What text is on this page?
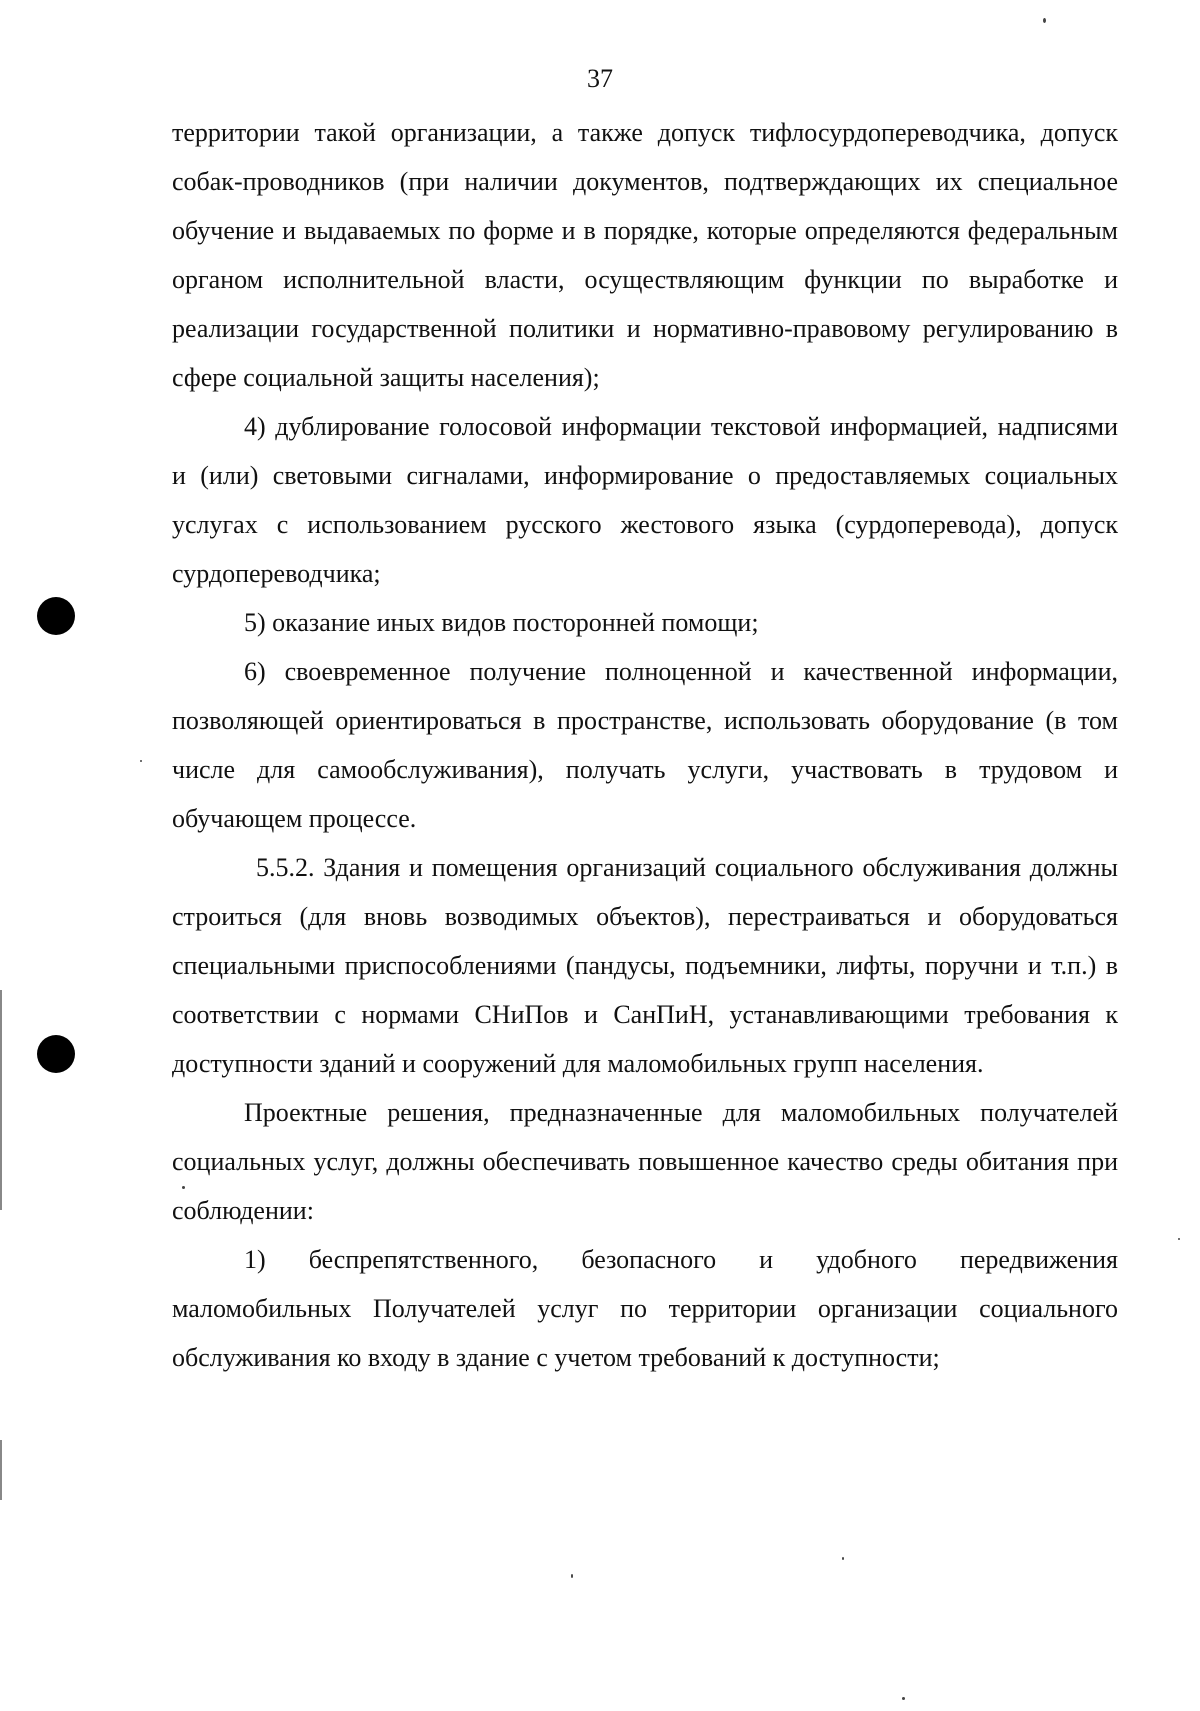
37

территории такой организации, а также допуск тифлосурдопереводчика, допуск собак-проводников (при наличии документов, подтверждающих их специальное обучение и выдаваемых по форме и в порядке, которые определяются федеральным органом исполнительной власти, осуществляющим функции по выработке и реализации государственной политики и нормативно-правовому регулированию в сфере социальной защиты населения);

4) дублирование голосовой информации текстовой информацией, надписями и (или) световыми сигналами, информирование о предоставляемых социальных услугах с использованием русского жестового языка (сурдоперевода), допуск сурдопереводчика;

5) оказание иных видов посторонней помощи;

6) своевременное получение полноценной и качественной информации, позволяющей ориентироваться в пространстве, использовать оборудование (в том числе для самообслуживания), получать услуги, участвовать в трудовом и обучающем процессе.

5.5.2. Здания и помещения организаций социального обслуживания должны строиться (для вновь возводимых объектов), перестраиваться и оборудоваться специальными приспособлениями (пандусы, подъемники, лифты, поручни и т.п.) в соответствии с нормами СНиПов и СанПиН, устанавливающими требования к доступности зданий и сооружений для маломобильных групп населения.

Проектные решения, предназначенные для маломобильных получателей социальных услуг, должны обеспечивать повышенное качество среды обитания при соблюдении:

1) беспрепятственного, безопасного и удобного передвижения маломобильных Получателей услуг по территории организации социального обслуживания ко входу в здание с учетом требований к доступности;
